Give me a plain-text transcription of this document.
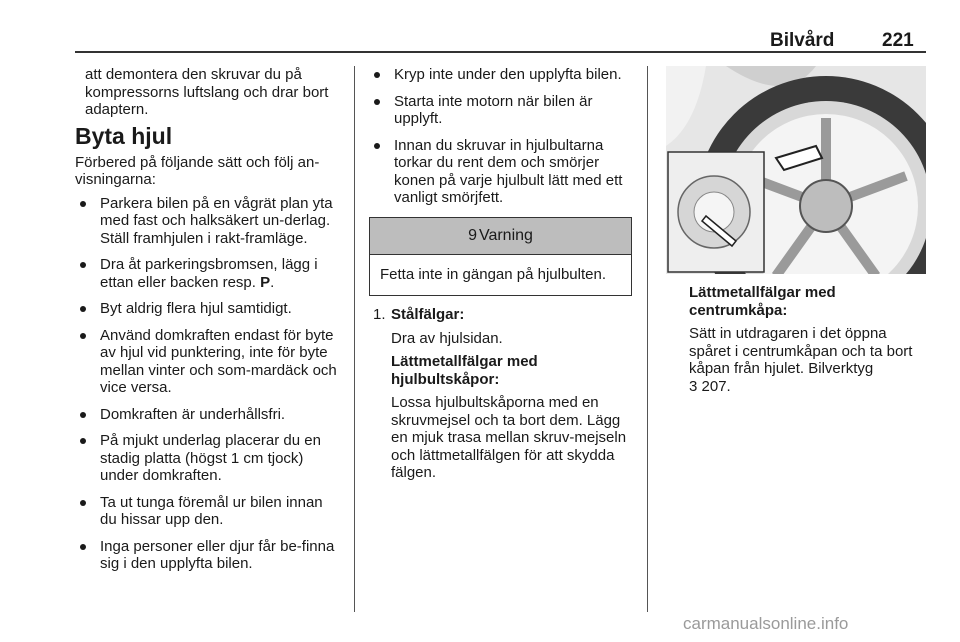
Bilvård	221

att demontera den skruvar du på kompressorns luftslang och drar bort adaptern.

Byta hjul

Förbered på följande sätt och följ an-visningarna:

Parkera bilen på en vågrät plan yta med fast och halksäkert un-derlag. Ställ framhjulen i rakt-framläge.
Dra åt parkeringsbromsen, lägg i ettan eller backen resp. P.
Byt aldrig flera hjul samtidigt.
Använd domkraften endast för byte av hjul vid punktering, inte för byte mellan vinter och som-mardäck och vice versa.
Domkraften är underhållsfri.
På mjukt underlag placerar du en stadig platta (högst 1 cm tjock) under domkraften.
Ta ut tunga föremål ur bilen innan du hissar upp den.
Inga personer eller djur får be-finna sig i den upplyfta bilen.
Kryp inte under den upplyfta bilen.
Starta inte motorn när bilen är upplyft.
Innan du skruvar in hjulbultarna torkar du rent dem och smörjer konen på varje hjulbult lätt med ett vanligt smörjfett.
9 Varning
Fetta inte in gängan på hjulbulten.
1. Stålfälgar:

Dra av hjulsidan.

Lättmetallfälgar med hjulbultskåpor:

Lossa hjulbultskåporna med en skruvmejsel och ta bort dem. Lägg en mjuk trasa mellan skruv-mejseln och lättmetallfälgen för att skydda fälgen.

Lättmetallfälgar med centrumkåpa:

Sätt in utdragaren i det öppna spåret i centrumkåpan och ta bort kåpan från hjulet. Bilverktyg
3 207.

carmanualsonline.info
